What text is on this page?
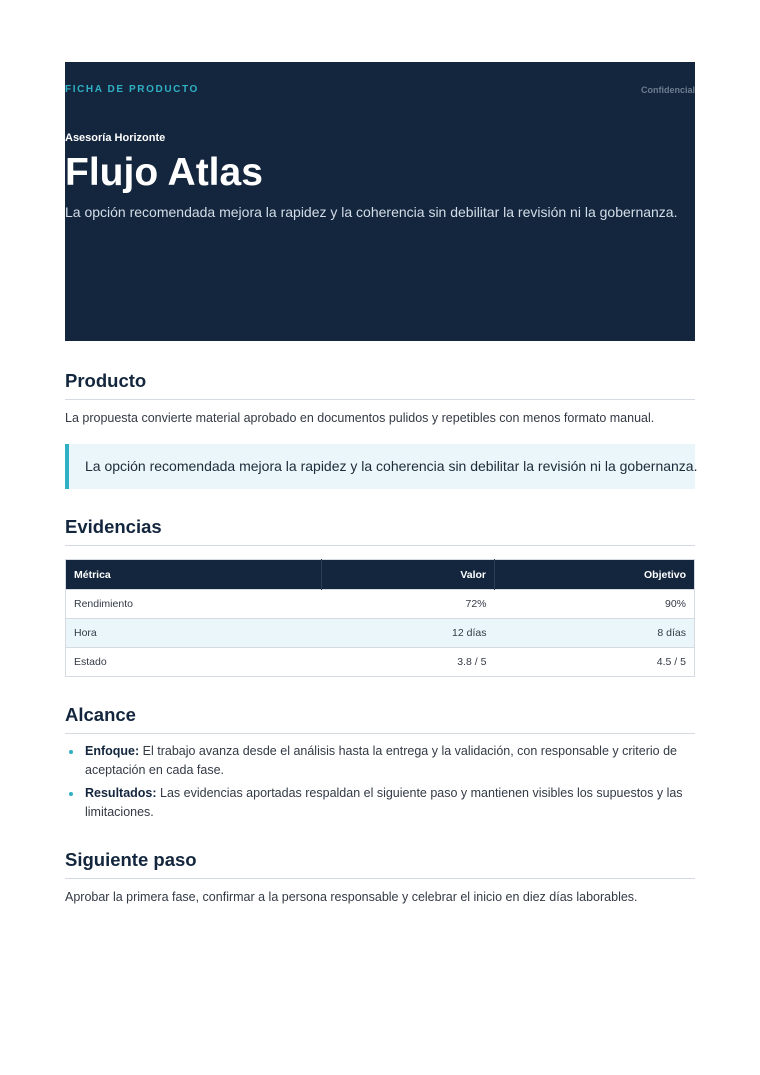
FICHA DE PRODUCTO	Confidencial
Asesoría Horizonte
Flujo Atlas

La opción recomendada mejora la rapidez y la coherencia sin debilitar la revisión ni la gobernanza.

Producto

La propuesta convierte material aprobado en documentos pulidos y repetibles con menos formato manual.

La opción recomendada mejora la rapidez y la coherencia sin debilitar la revisión ni la gobernanza.
Evidencias
Métrica	Valor	Objetivo
Rendimiento	72%	90%
Hora	12 días	8 días
Estado	3.8 / 5	4.5 / 5
Alcance
Enfoque: El trabajo avanza desde el análisis hasta la entrega y la validación, con responsable y criterio de aceptación en cada fase.
Resultados: Las evidencias aportadas respaldan el siguiente paso y mantienen visibles los supuestos y las limitaciones.
Siguiente paso

Aprobar la primera fase, confirmar a la persona responsable y celebrar el inicio en diez días laborables.
